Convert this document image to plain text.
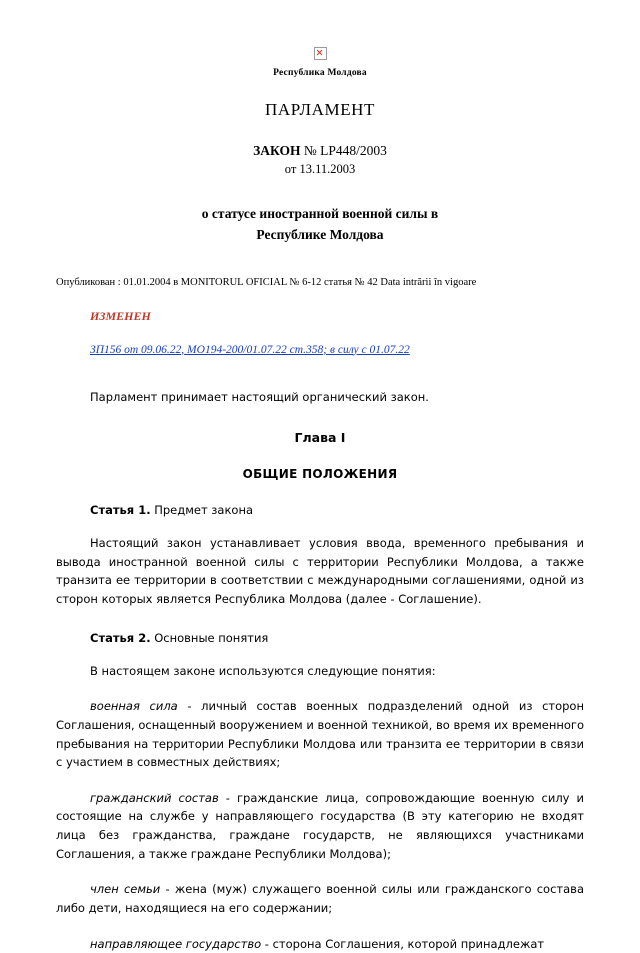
Республика Молдова
ПАРЛАМЕНТ
ЗАКОН № LP448/2003
от 13.11.2003
о статусе иностранной военной силы в
Республике Молдова
Опубликован : 01.01.2004 в MONITORUL OFICIAL № 6-12 статья № 42 Data intrării în vigoare
ИЗМЕНЕН
ЗП156 от 09.06.22, МО194-200/01.07.22 ст.358; в силу с 01.07.22

Парламент принимает настоящий органический закон.

Глава I
ОБЩИЕ ПОЛОЖЕНИЯ

Статья 1. Предмет закона

Настоящий закон устанавливает условия ввода, временного пребывания и вывода иностранной военной силы с территории Республики Молдова, а также транзита ее территории в соответствии с международными соглашениями, одной из сторон которых является Республика Молдова (далее - Соглашение).

Статья 2. Основные понятия

В настоящем законе используются следующие понятия:

военная сила - личный состав военных подразделений одной из сторон Соглашения, оснащенный вооружением и военной техникой, во время их временного пребывания на территории Республики Молдова или транзита ее территории в связи с участием в совместных действиях;

гражданский состав - гражданские лица, сопровождающие военную силу и состоящие на службе у направляющего государства (В эту категорию не входят лица без гражданства, граждане государств, не являющихся участниками Соглашения, а также граждане Республики Молдова);

член семьи - жена (муж) служащего военной силы или гражданского состава либо дети, находящиеся на его содержании;

направляющее государство - сторона Соглашения, которой принадлежат
